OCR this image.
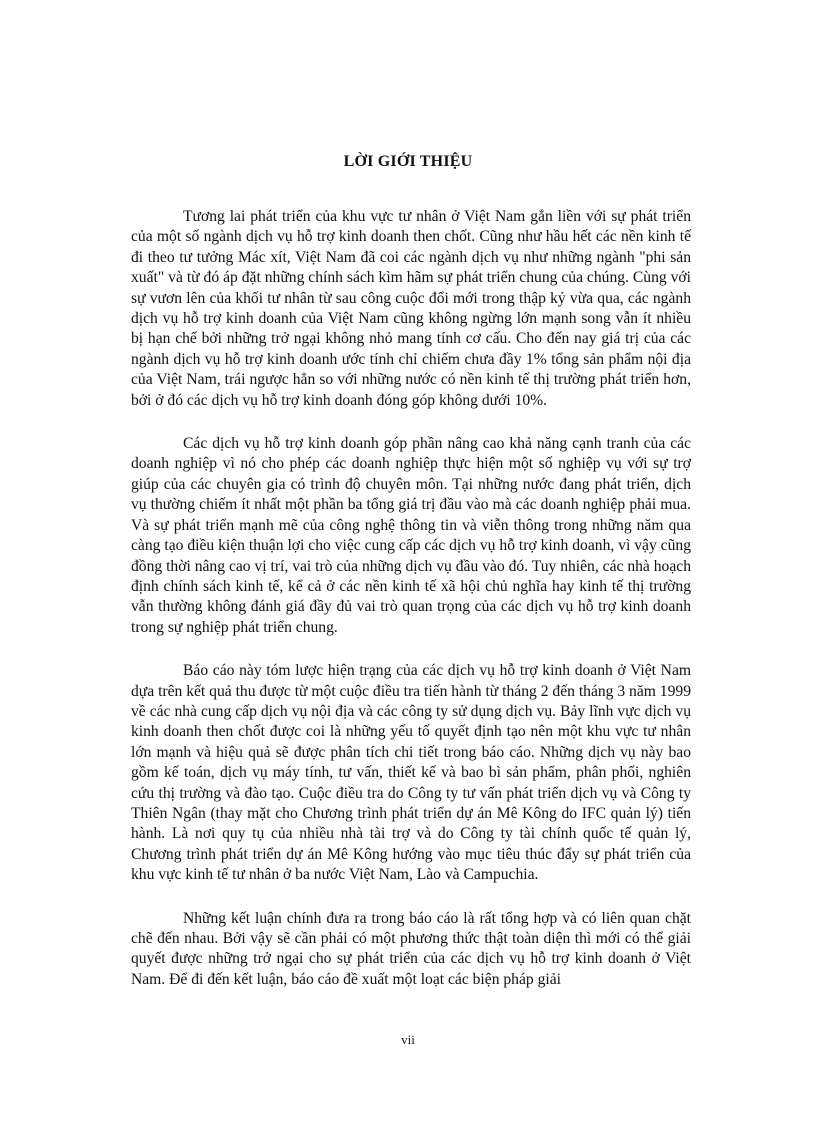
LỜI GIỚI THIỆU

Tương lai phát triển của khu vực tư nhân ở Việt Nam gắn liền với sự phát triển của một số ngành dịch vụ hỗ trợ kinh doanh then chốt. Cũng như hầu hết các nền kinh tế đi theo tư tưởng Mác xít, Việt Nam đã coi các ngành dịch vụ như những ngành "phi sản xuất" và từ đó áp đặt những chính sách kìm hãm sự phát triển chung của chúng. Cùng với sự vươn lên của khối tư nhân từ sau công cuộc đổi mới trong thập kỷ vừa qua, các ngành dịch vụ hỗ trợ kinh doanh của Việt Nam cũng không ngừng lớn mạnh song vẫn ít nhiều bị hạn chế bởi những trở ngại không nhỏ mang tính cơ cấu. Cho đến nay giá trị của các ngành dịch vụ hỗ trợ kinh doanh ước tính chỉ chiếm chưa đầy 1% tổng sản phẩm nội địa của Việt Nam, trái ngược hẳn so với những nước có nền kinh tế thị trường phát triển hơn, bởi ở đó các dịch vụ hỗ trợ kinh doanh đóng góp không dưới 10%.

Các dịch vụ hỗ trợ kinh doanh góp phần nâng cao khả năng cạnh tranh của các doanh nghiệp vì nó cho phép các doanh nghiệp thực hiện một số nghiệp vụ với sự trợ giúp của các chuyên gia có trình độ chuyên môn. Tại những nước đang phát triển, dịch vụ thường chiếm ít nhất một phần ba tổng giá trị đầu vào mà các doanh nghiệp phải mua. Và sự phát triển mạnh mẽ của công nghệ thông tin và viễn thông trong những năm qua càng tạo điều kiện thuận lợi cho việc cung cấp các dịch vụ hỗ trợ kinh doanh, vì vậy cũng đồng thời nâng cao vị trí, vai trò của những dịch vụ đầu vào đó. Tuy nhiên, các nhà hoạch định chính sách kinh tế, kể cả ở các nền kinh tế xã hội chủ nghĩa hay kinh tế thị trường vẫn thường không đánh giá đầy đủ vai trò quan trọng của các dịch vụ hỗ trợ kinh doanh trong sự nghiệp phát triển chung.

Báo cáo này tóm lược hiện trạng của các dịch vụ hỗ trợ kinh doanh ở Việt Nam dựa trên kết quả thu được từ một cuộc điều tra tiến hành từ tháng 2 đến tháng 3 năm 1999 về các nhà cung cấp dịch vụ nội địa và các công ty sử dụng dịch vụ. Bảy lĩnh vực dịch vụ kinh doanh then chốt được coi là những yếu tố quyết định tạo nên một khu vực tư nhân lớn mạnh và hiệu quả sẽ được phân tích chi tiết trong báo cáo. Những dịch vụ này bao gồm kế toán, dịch vụ máy tính, tư vấn, thiết kế và bao bì sản phẩm, phân phối, nghiên cứu thị trường và đào tạo. Cuộc điều tra do Công ty tư vấn phát triển dịch vụ và Công ty Thiên Ngân (thay mặt cho Chương trình phát triển dự án Mê Kông do IFC quản lý) tiến hành. Là nơi quy tụ của nhiều nhà tài trợ và do Công ty tài chính quốc tế quản lý, Chương trình phát triển dự án Mê Kông hướng vào mục tiêu thúc đẩy sự phát triển của khu vực kinh tế tư nhân ở ba nước Việt Nam, Lào và Campuchia.

Những kết luận chính đưa ra trong báo cáo là rất tổng hợp và có liên quan chặt chẽ đến nhau. Bởi vậy sẽ cần phải có một phương thức thật toàn diện thì mới có thể giải quyết được những trở ngại cho sự phát triển của các dịch vụ hỗ trợ kinh doanh ở Việt Nam. Để đi đến kết luận, báo cáo đề xuất một loạt các biện pháp giải

vii
